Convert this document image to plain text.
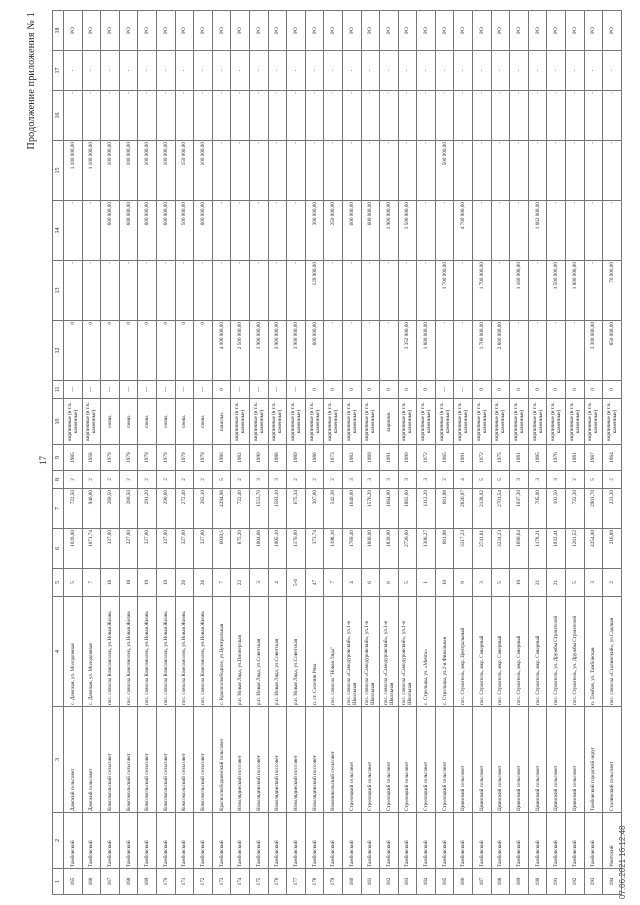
Продолжение приложения № 1
17
1	2	3	4	5	6	7	8	9	10	11	12	13	14	15	16	17	18
165	Тамбовский	Дамский сельсовет	с. Дамская, ул. Молодежная	5	1020,00	722,50	2	1985	кирпичные (в т.ч. каменные)	—	0	-	-	1 100 000,00	-	-	РО
166	Тамбовский	Дамский сельсовет	с. Дамская, ул. Молодежная	7	1071,74	946,00	2	1958	кирпичные (в т.ч. каменные)	—	0	-	-	1 100 000,00	-	-	РО
167	Тамбовский	Комсомольский сельсовет	пос. совхоза Комсомолец, ул.Новая Жизнь	18	327,00	280,50	2	1979	смеш.	—	0	-	600 000,00	100 000,00	-	-	РО
168	Тамбовский	Комсомольский сельсовет	пос. совхоза Комсомолец, ул.Новая Жизнь	18	327,00	280,50	2	1979	смеш.	—	0	-	600 000,00	100 000,00	-	-	РО
169	Тамбовский	Комсомольский сельсовет	пос. совхоза Комсомолец, ул.Новая Жизнь	19	327,00	291,20	2	1979	смеш.	—	0	-	600 000,00	100 000,00	-	-	РО
170	Тамбовский	Комсомольский сельсовет	пос. совхоза Комсомолец, ул.Новая Жизнь	19	327,00	290,60	2	1979	смеш.	—	0	-	600 000,00	100 000,00	-	-	РО
171	Тамбовский	Комсомольский сельсовет	пос. совхоза Комсомолец, ул.Новая Жизнь	26	327,00	272,40	2	1979	смеш.	—	0	-	500 000,00	150 000,00	-	-	РО
172	Тамбовский	Комсомольский сельсовет	пос. совхоза Комсомолец, ул.Новая Жизнь	26	327,00	283,10	2	1979	смеш.	—	0	-	600 000,00	100 000,00	-	-	РО
173	Тамбовский	Красносвободненский сельсовет	с. Красносвободное, ул.Центральная	7	6030,5	4294,96	5	1986	панельн.	0	4 000 000,00	-	-	-	-	-	РО
174	Тамбовский	Новолядинский поссовет	р.п. Новая Ляда, ул.Пионерская	22	875,20	722,40	2	1982	кирпичные (в т.ч. каменные)	—	2 500 000,00	-	-	-	-	-	РО
175	Тамбовский	Новолядинский поссовет	р.п. Новая Ляда, ул.Советская	3	1004,68	1553,70	3	1990	кирпичные (в т.ч. каменные)	—	3 900 000,00	-	-	-	-	-	РО
176	Тамбовский	Новолядинский поссовет	р.п. Новая Ляда, ул.Советская	4	1005,10	1583,10	3	1988	кирпичные (в т.ч. каменные)	—	3 900 000,00	-	-	-	-	-	РО
177	Тамбовский	Новолядинский поссовет	р.п. Новая Ляда, ул.Советская	5-6	1176,00	675,34	2	1989	кирпичные (в т.ч. каменные)	—	3 900 000,00	-	-	-	-	-	РО
178	Тамбовский	Новолядинский поссовет	п. ст. Селезни Ряза	47	373,74	307,00	2	1986	кирпичные (в т.ч. каменные)	0	600 000,00	129 000,00	300 000,00	-	-	-	РО
179	Тамбовский	Новоникольский сельсовет	пос. совхоза "Новая Ляда"	7	1198,16	542,38	2	1973	кирпичные (в т.ч. каменные)	0	-	-	250 000,00	-	-	-	РО
180	Тамбовский	Стрелецкий сельсовет	пос. совхоза «Самодуровский», ул.1-я Школьная	4	1760,40	1640,00	3	1982	кирпичные (в т.ч. каменные)	0	-	-	600 000,00	-	-	-	РО
181	Тамбовский	Стрелецкий сельсовет	пос. совхоза «Самодуровский», ул.1-я Школьная	6	1800,00	1576,20	3	1989	кирпичные (в т.ч. каменные)	0	-	-	600 000,00	-	-	-	РО
182	Тамбовский	Стрелецкий сельсовет	пос. совхоза «Самодуровский», ул.1-я Школьная	8	1830,00	1684,00	3	1991	кирпичн.	0	-	-	1 900 000,00	-	-	-	РО
183	Тамбовский	Стрелецкий сельсовет	пос. совхоза «Самодуровский», ул.1-я Школьная	5	2726,00	1882,00	3	1990	кирпичные (в т.ч. каменные)	0	3 352 000,00	-	1 500 000,00	-	-	-	РО
184	Тамбовский	Стрелецкий сельсовет	с. Стрельцы, ул. «Мечта»	1	1306,27	1112,20	3	1972	кирпичные (в т.ч. каменные)	0	1 800 000,00	-	-	-	-	-	РО
185	Тамбовский	Стрелецкий сельсовет	с. Стрельцы, ул.2-я Финальная	10	661,98	661,98	2	1965	кирпичные (в т.ч. каменные)	—	-	1 700 000,00	-	500 000,00	-	-	РО
186	Тамбовский	Цнинский сельсовет	пос. Строитель, мкр. Центральный	9	3317,23	2826,97	4	1991	кирпичные (в т.ч. каменные)	—	-	-	4 700 000,00	-	-	-	РО
187	Тамбовский	Цнинский сельсовет	пос. Строитель, мкр. Северный	3	2741,81	2128,02	5	1972	кирпичные (в т.ч. каменные)	0	1 700 000,00	1 700 000,00	-	-	-	-	РО
188	Тамбовский	Цнинский сельсовет	пос. Строитель, мкр. Северный	5	3224,23	2701,54	5	1975	кирпичные (в т.ч. каменные)	0	2 800 000,00	-	-	-	-	-	РО
189	Тамбовский	Цнинский сельсовет	пос. Строитель, мкр. Северный	19	1690,64	1037,30	3	1981	кирпичные (в т.ч. каменные)	0	-	1 160 000,00	-	-	-	-	РО
190	Тамбовский	Цнинский сельсовет	пос. Строитель, мкр. Северный	21	1178,21	705,00	3	1985	кирпичные (в т.ч. каменные)	0	-	-	1 662 000,00	-	-	-	РО
191	Тамбовский	Цнинский сельсовет	пос. Строитель, ул. Дружбы Строителей	21	1032,41	102,50	3	1976	кирпичные (в т.ч. каменные)	0	-	1 500 000,00	-	-	-	-	РО
192	Тамбовский	Цнинский сельсовет	пос. Строитель, ул. Дружбы Строителей	5	1261,52	722,30	2	1981	кирпичные (в т.ч. каменные)	0	-	1 800 000,00	-	-	-	-	РО
193	Тамбовский	Тамбовский городской округ	п. Тамбов, ул. Тамбовская	3	4254,00	2901,70	5	1987	кирпичные (в т.ч. каменные)	0	3 300 000,00	-	-	-	-	-	РО
194	Уметский	Сталинский сельсовет	пос. совхоза «Сталинский», ул.Садовая	2	216,89	223,30	2	1964	кирпичные (в т.ч. каменные)	0	850 000,00	70 000,00	-	-	-	-	РО
07.06.2021 16:12:48
